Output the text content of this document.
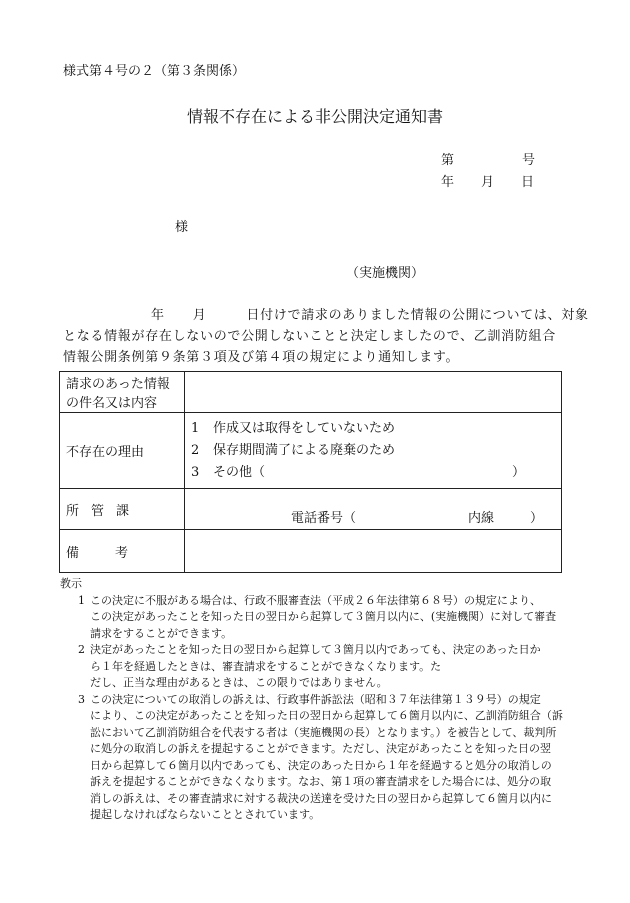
様式第４号の２（第３条関係）
情報不存在による非公開決定通知書
第	号
年 月 日
様
（実施機関）
年 月	日付けで請求のありました情報の公開については、対象
となる情報が存在しないので公開しないことと決定しましたので、乙訓消防組合
情報公開条例第９条第３項及び第４項の規定により通知します。
請求のあった情報
の件名又は内容	

不存在の理由	1 作成又は取得をしていないため
2 保存期間満了による廃棄のため
3 その他（ ）

所管課	電話番号（ 内線 ）

備考	
教示
1 この決定に不服がある場合は、行政不服審査法（平成２６年法律第６８号）の規定により、
この決定があったことを知った日の翌日から起算して３箇月以内に、(実施機関）に対して審査
請求をすることができます。
2 決定があったことを知った日の翌日から起算して３箇月以内であっても、決定のあった日か
ら１年を経過したときは、審査請求をすることができなくなります。た
だし、正当な理由があるときは、この限りではありません。
3 この決定についての取消しの訴えは、行政事件訴訟法（昭和３７年法律第１３９号）の規定
により、この決定があったことを知った日の翌日から起算して６箇月以内に、乙訓消防組合（訴
訟において乙訓消防組合を代表する者は（実施機関の長）となります。）を被告として、裁判所
に処分の取消しの訴えを提起することができます。ただし、決定があったことを知った日の翌
日から起算して６箇月以内であっても、決定のあった日から１年を経過すると処分の取消しの
訴えを提起することができなくなります。なお、第１項の審査請求をした場合には、処分の取
消しの訴えは、その審査請求に対する裁決の送達を受けた日の翌日から起算して６箇月以内に
提起しなければならないこととされています。
